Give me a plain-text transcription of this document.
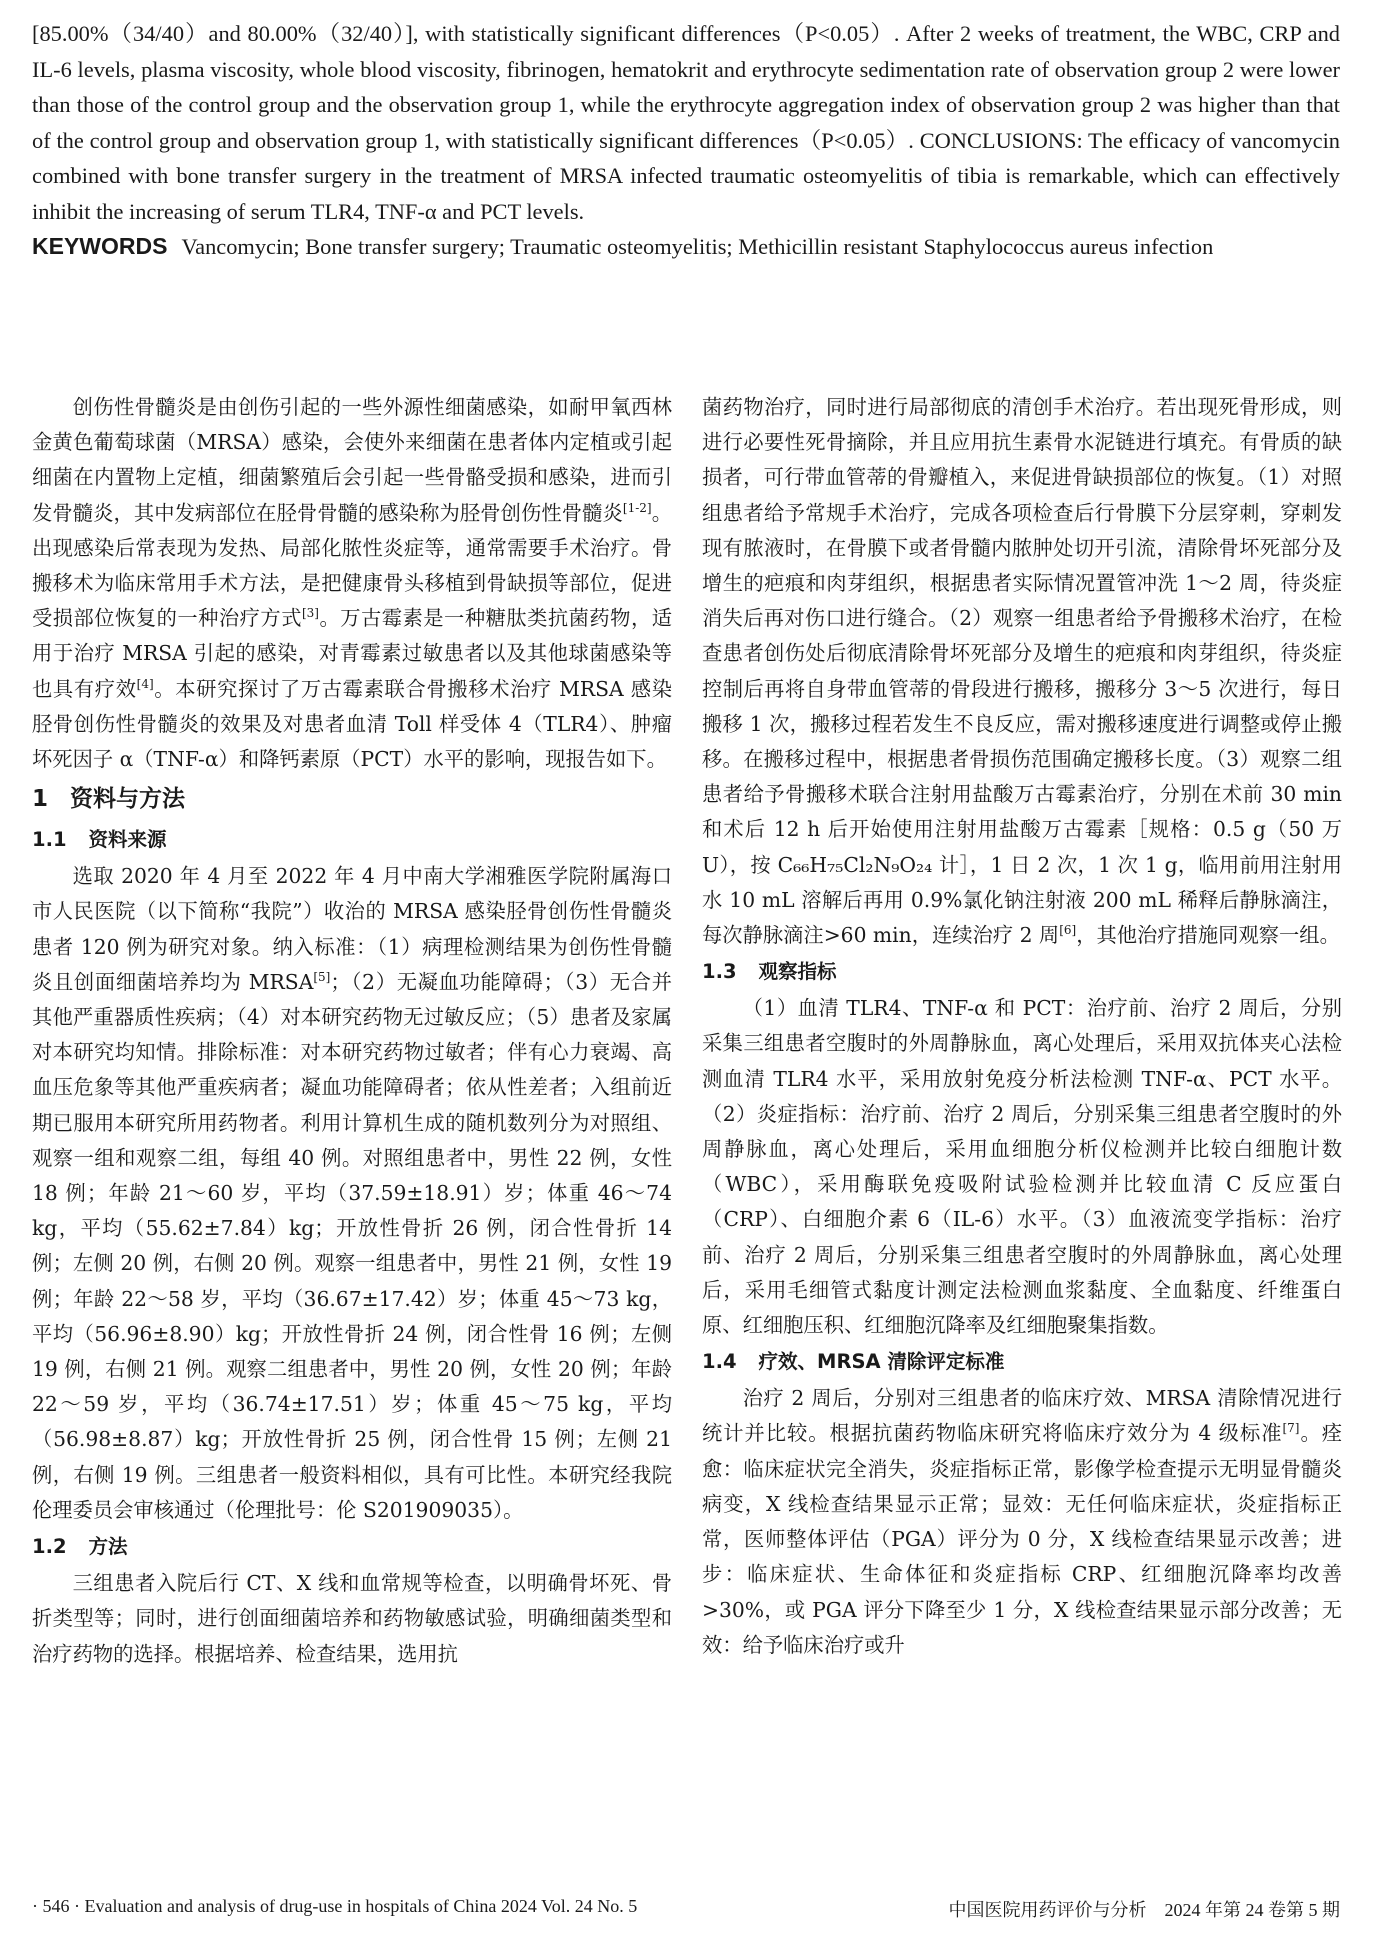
[85.00%（34/40）and 80.00%（32/40）], with statistically significant differences（P<0.05）. After 2 weeks of treatment, the WBC, CRP and IL-6 levels, plasma viscosity, whole blood viscosity, fibrinogen, hematokrit and erythrocyte sedimentation rate of observation group 2 were lower than those of the control group and the observation group 1, while the erythrocyte aggregation index of observation group 2 was higher than that of the control group and observation group 1, with statistically significant differences（P<0.05）. CONCLUSIONS: The efficacy of vancomycin combined with bone transfer surgery in the treatment of MRSA infected traumatic osteomyelitis of tibia is remarkable, which can effectively inhibit the increasing of serum TLR4, TNF-α and PCT levels.
KEYWORDS Vancomycin; Bone transfer surgery; Traumatic osteomyelitis; Methicillin resistant Staphylococcus aureus infection

创伤性骨髓炎是由创伤引起的一些外源性细菌感染，如耐甲氧西林金黄色葡萄球菌（MRSA）感染，会使外来细菌在患者体内定植或引起细菌在内置物上定植，细菌繁殖后会引起一些骨骼受损和感染，进而引发骨髓炎，其中发病部位在胫骨骨髓的感染称为胫骨创伤性骨髓炎[1-2]。出现感染后常表现为发热、局部化脓性炎症等，通常需要手术治疗。骨搬移术为临床常用手术方法，是把健康骨头移植到骨缺损等部位，促进受损部位恢复的一种治疗方式[3]。万古霉素是一种糖肽类抗菌药物，适用于治疗 MRSA 引起的感染，对青霉素过敏患者以及其他球菌感染等也具有疗效[4]。本研究探讨了万古霉素联合骨搬移术治疗 MRSA 感染胫骨创伤性骨髓炎的效果及对患者血清 Toll 样受体 4（TLR4）、肿瘤坏死因子 α（TNF-α）和降钙素原（PCT）水平的影响，现报告如下。

1 资料与方法
1.1 资料来源

选取 2020 年 4 月至 2022 年 4 月中南大学湘雅医学院附属海口市人民医院（以下简称“我院”）收治的 MRSA 感染胫骨创伤性骨髓炎患者 120 例为研究对象。纳入标准：（1）病理检测结果为创伤性骨髓炎且创面细菌培养均为 MRSA[5]；（2）无凝血功能障碍；（3）无合并其他严重器质性疾病；（4）对本研究药物无过敏反应；（5）患者及家属对本研究均知情。排除标准：对本研究药物过敏者；伴有心力衰竭、高血压危象等其他严重疾病者；凝血功能障碍者；依从性差者；入组前近期已服用本研究所用药物者。利用计算机生成的随机数列分为对照组、观察一组和观察二组，每组 40 例。对照组患者中，男性 22 例，女性 18 例；年龄 21～60 岁，平均（37.59±18.91）岁；体重 46～74 kg，平均（55.62±7.84）kg；开放性骨折 26 例，闭合性骨折 14 例；左侧 20 例，右侧 20 例。观察一组患者中，男性 21 例，女性 19 例；年龄 22～58 岁，平均（36.67±17.42）岁；体重 45～73 kg，平均（56.96±8.90）kg；开放性骨折 24 例，闭合性骨 16 例；左侧 19 例，右侧 21 例。观察二组患者中，男性 20 例，女性 20 例；年龄 22～59 岁，平均（36.74±17.51）岁；体重 45～75 kg，平均（56.98±8.87）kg；开放性骨折 25 例，闭合性骨 15 例；左侧 21 例，右侧 19 例。三组患者一般资料相似，具有可比性。本研究经我院伦理委员会审核通过（伦理批号：伦 S201909035）。

1.2 方法

三组患者入院后行 CT、X 线和血常规等检查，以明确骨坏死、骨折类型等；同时，进行创面细菌培养和药物敏感试验，明确细菌类型和治疗药物的选择。根据培养、检查结果，选用抗

菌药物治疗，同时进行局部彻底的清创手术治疗。若出现死骨形成，则进行必要性死骨摘除，并且应用抗生素骨水泥链进行填充。有骨质的缺损者，可行带血管蒂的骨瓣植入，来促进骨缺损部位的恢复。（1）对照组患者给予常规手术治疗，完成各项检查后行骨膜下分层穿刺，穿刺发现有脓液时，在骨膜下或者骨髓内脓肿处切开引流，清除骨坏死部分及增生的疤痕和肉芽组织，根据患者实际情况置管冲洗 1～2 周，待炎症消失后再对伤口进行缝合。（2）观察一组患者给予骨搬移术治疗，在检查患者创伤处后彻底清除骨坏死部分及增生的疤痕和肉芽组织，待炎症控制后再将自身带血管蒂的骨段进行搬移，搬移分 3～5 次进行，每日搬移 1 次，搬移过程若发生不良反应，需对搬移速度进行调整或停止搬移。在搬移过程中，根据患者骨损伤范围确定搬移长度。（3）观察二组患者给予骨搬移术联合注射用盐酸万古霉素治疗，分别在术前 30 min 和术后 12 h 后开始使用注射用盐酸万古霉素［规格：0.5 g（50 万 U），按 C₆₆H₇₅Cl₂N₉O₂₄ 计］，1 日 2 次，1 次 1 g，临用前用注射用水 10 mL 溶解后再用 0.9%氯化钠注射液 200 mL 稀释后静脉滴注，每次静脉滴注>60 min，连续治疗 2 周[6]，其他治疗措施同观察一组。

1.3 观察指标

（1）血清 TLR4、TNF-α 和 PCT：治疗前、治疗 2 周后，分别采集三组患者空腹时的外周静脉血，离心处理后，采用双抗体夹心法检测血清 TLR4 水平，采用放射免疫分析法检测 TNF-α、PCT 水平。（2）炎症指标：治疗前、治疗 2 周后，分别采集三组患者空腹时的外周静脉血，离心处理后，采用血细胞分析仪检测并比较白细胞计数（WBC），采用酶联免疫吸附试验检测并比较血清 C 反应蛋白（CRP）、白细胞介素 6（IL-6）水平。（3）血液流变学指标：治疗前、治疗 2 周后，分别采集三组患者空腹时的外周静脉血，离心处理后，采用毛细管式黏度计测定法检测血浆黏度、全血黏度、纤维蛋白原、红细胞压积、红细胞沉降率及红细胞聚集指数。

1.4 疗效、MRSA 清除评定标准

治疗 2 周后，分别对三组患者的临床疗效、MRSA 清除情况进行统计并比较。根据抗菌药物临床研究将临床疗效分为 4 级标准[7]。痊愈：临床症状完全消失，炎症指标正常，影像学检查提示无明显骨髓炎病变，X 线检查结果显示正常；显效：无任何临床症状，炎症指标正常，医师整体评估（PGA）评分为 0 分，X 线检查结果显示改善；进步：临床症状、生命体征和炎症指标 CRP、红细胞沉降率均改善>30%，或 PGA 评分下降至少 1 分，X 线检查结果显示部分改善；无效：给予临床治疗或升

· 546 · Evaluation and analysis of drug-use in hospitals of China 2024 Vol. 24 No. 5	中国医院用药评价与分析　2024 年第 24 卷第 5 期
